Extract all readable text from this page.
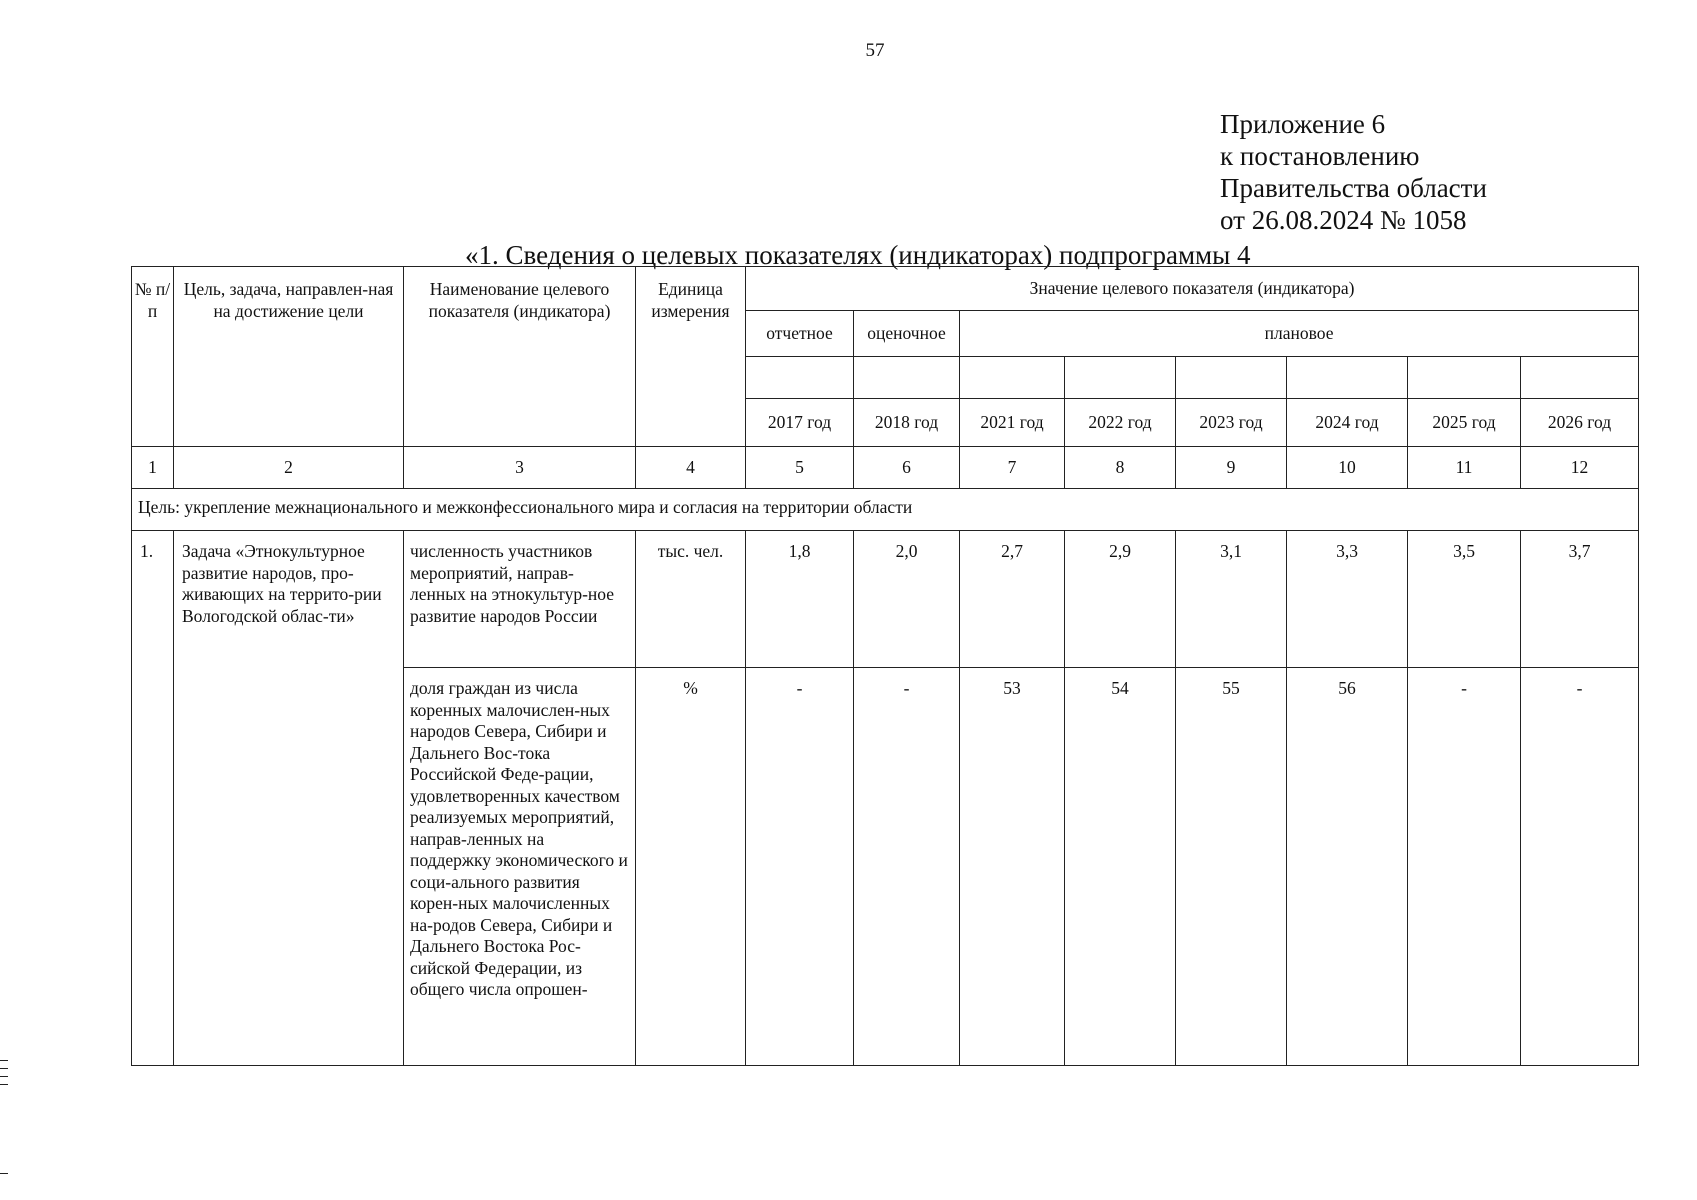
57
Приложение 6
к постановлению
Правительства области
от 26.08.2024 № 1058
«1. Сведения о целевых показателях (индикаторах) подпрограммы 4
№ п/п	Цель, задача, направлен-ная на достижение цели	Наименование целевого показателя (индикатора)	Единица измерения	Значение целевого показателя (индикатора)							
				отчетное	оценочное	плановое					

				2017 год	2018 год	2021 год	2022 год	2023 год	2024 год	2025 год	2026 год
1	2	3	4	5	6	7	8	9	10	11	12
Цель: укрепление межнационального и межконфессионального мира и согласия на территории области											
1.	Задача «Этнокультурное развитие народов, про-живающих на террито-рии Вологодской облас-ти»	численность участников мероприятий, направ-ленных на этнокультур-ное развитие народов России	тыс. чел.	1,8	2,0	2,7	2,9	3,1	3,3	3,5	3,7
		доля граждан из числа коренных малочислен-ных народов Севера, Сибири и Дальнего Вос-тока Российской Феде-рации, удовлетворенных качеством реализуемых мероприятий, направ-ленных на поддержку экономического и соци-ального развития корен-ных малочисленных на-родов Севера, Сибири и Дальнего Востока Рос-сийской Федерации, из общего числа опрошен-	%	-	-	53	54	55	56	-	-
